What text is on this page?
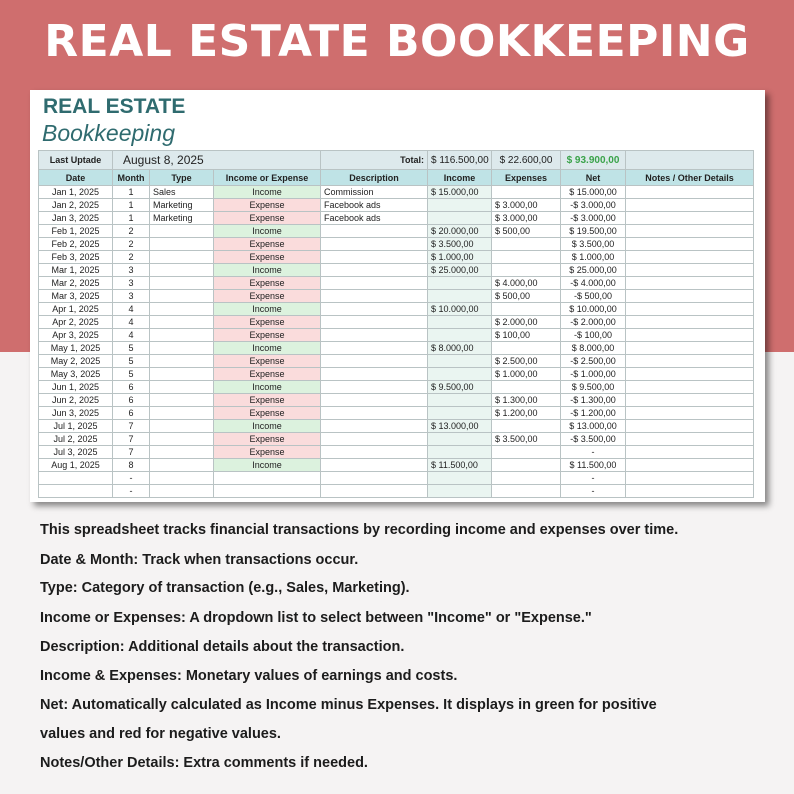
REAL ESTATE BOOKKEEPING
REAL ESTATE
Bookkeeping
Last Uptade	August 8, 2025			Total:	$ 116.500,00	$ 22.600,00	$ 93.900,00	
Date	Month	Type	Income or Expense	Description	Income	Expenses	Net	Notes / Other Details
Jan 1, 2025	1	Sales	Income	Commission	$ 15.000,00		$ 15.000,00	
Jan 2, 2025	1	Marketing	Expense	Facebook ads		$ 3.000,00	-$ 3.000,00	
Jan 3, 2025	1	Marketing	Expense	Facebook ads		$ 3.000,00	-$ 3.000,00	
Feb 1, 2025	2		Income		$ 20.000,00	$ 500,00	$ 19.500,00	
Feb 2, 2025	2		Expense		$ 3.500,00		$ 3.500,00	
Feb 3, 2025	2		Expense		$ 1.000,00		$ 1.000,00	
Mar 1, 2025	3		Income		$ 25.000,00		$ 25.000,00	
Mar 2, 2025	3		Expense			$ 4.000,00	-$ 4.000,00	
Mar 3, 2025	3		Expense			$ 500,00	-$ 500,00	
Apr 1, 2025	4		Income		$ 10.000,00		$ 10.000,00	
Apr 2, 2025	4		Expense			$ 2.000,00	-$ 2.000,00	
Apr 3, 2025	4		Expense			$ 100,00	-$ 100,00	
May 1, 2025	5		Income		$ 8.000,00		$ 8.000,00	
May 2, 2025	5		Expense			$ 2.500,00	-$ 2.500,00	
May 3, 2025	5		Expense			$ 1.000,00	-$ 1.000,00	
Jun 1, 2025	6		Income		$ 9.500,00		$ 9.500,00	
Jun 2, 2025	6		Expense			$ 1.300,00	-$ 1.300,00	
Jun 3, 2025	6		Expense			$ 1.200,00	-$ 1.200,00	
Jul 1, 2025	7		Income		$ 13.000,00		$ 13.000,00	
Jul 2, 2025	7		Expense			$ 3.500,00	-$ 3.500,00	
Jul 3, 2025	7		Expense				-	
Aug 1, 2025	8		Income		$ 11.500,00		$ 11.500,00	
	-						-	
	-						-	
This spreadsheet tracks financial transactions by recording income and expenses over time.
Date & Month: Track when transactions occur.
Type: Category of transaction (e.g., Sales, Marketing).
Income or Expenses: A dropdown list to select between "Income" or "Expense."
Description: Additional details about the transaction.
Income & Expenses: Monetary values of earnings and costs.
Net: Automatically calculated as Income minus Expenses. It displays in green for positive
values and red for negative values.
Notes/Other Details: Extra comments if needed.
